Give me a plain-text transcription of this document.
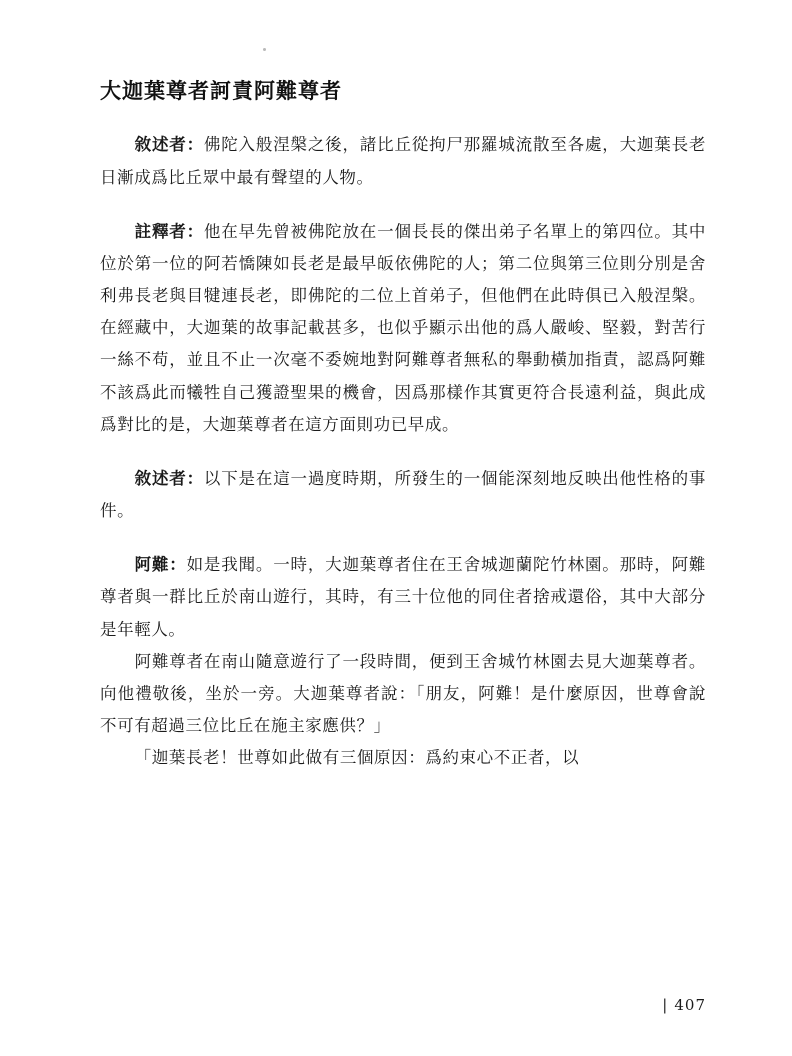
大迦葉尊者訶責阿難尊者

敘述者：佛陀入般涅槃之後，諸比丘從拘尸那羅城流散至各處，大迦葉長老日漸成爲比丘眾中最有聲望的人物。

註釋者：他在早先曾被佛陀放在一個長長的傑出弟子名單上的第四位。其中位於第一位的阿若憍陳如長老是最早皈依佛陀的人；第二位與第三位則分別是舍利弗長老與目犍連長老，即佛陀的二位上首弟子，但他們在此時俱已入般涅槃。在經藏中，大迦葉的故事記載甚多，也似乎顯示出他的爲人嚴峻、堅毅，對苦行一絲不苟，並且不止一次毫不委婉地對阿難尊者無私的舉動橫加指責，認爲阿難不該爲此而犧牲自己獲證聖果的機會，因爲那樣作其實更符合長遠利益，與此成爲對比的是，大迦葉尊者在這方面則功已早成。

敘述者：以下是在這一過度時期，所發生的一個能深刻地反映出他性格的事件。

阿難：如是我聞。一時，大迦葉尊者住在王舍城迦蘭陀竹林園。那時，阿難尊者與一群比丘於南山遊行，其時，有三十位他的同住者捨戒還俗，其中大部分是年輕人。

阿難尊者在南山隨意遊行了一段時間，便到王舍城竹林園去見大迦葉尊者。向他禮敬後，坐於一旁。大迦葉尊者說：「朋友，阿難！是什麼原因，世尊會說不可有超過三位比丘在施主家應供？」

「迦葉長老！世尊如此做有三個原因：爲約束心不正者，以

| 407
